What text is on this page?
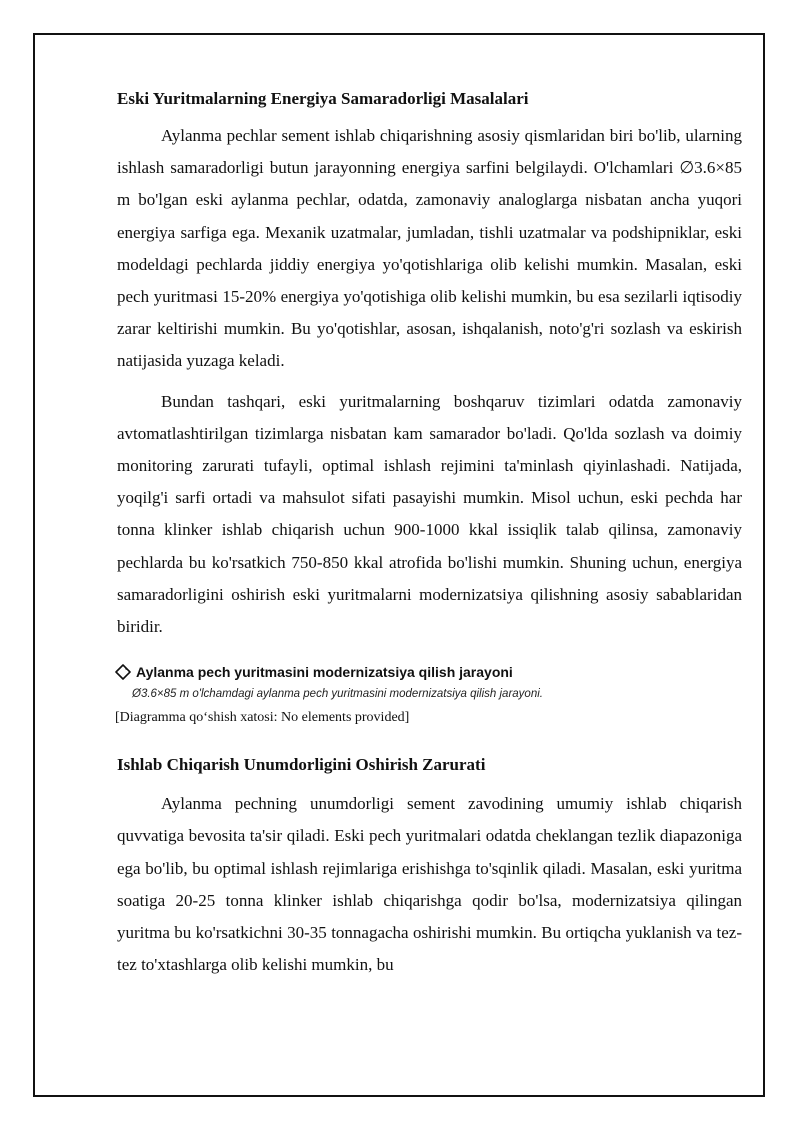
Eski Yuritmalarning Energiya Samaradorligi Masalalari

Aylanma pechlar sement ishlab chiqarishning asosiy qismlaridan biri bo'lib, ularning ishlash samaradorligi butun jarayonning energiya sarfini belgilaydi. O'lchamlari ∅3.6×85 m bo'lgan eski aylanma pechlar, odatda, zamonaviy analoglarga nisbatan ancha yuqori energiya sarfiga ega. Mexanik uzatmalar, jumladan, tishli uzatmalar va podshipniklar, eski modeldagi pechlarda jiddiy energiya yo'qotishlariga olib kelishi mumkin. Masalan, eski pech yuritmasi 15-20% energiya yo'qotishiga olib kelishi mumkin, bu esa sezilarli iqtisodiy zarar keltirishi mumkin. Bu yo'qotishlar, asosan, ishqalanish, noto'g'ri sozlash va eskirish natijasida yuzaga keladi.

Bundan tashqari, eski yuritmalarning boshqaruv tizimlari odatda zamonaviy avtomatlashtirilgan tizimlarga nisbatan kam samarador bo'ladi. Qo'lda sozlash va doimiy monitoring zarurati tufayli, optimal ishlash rejimini ta'minlash qiyinlashadi. Natijada, yoqilg'i sarfi ortadi va mahsulot sifati pasayishi mumkin. Misol uchun, eski pechda har tonna klinker ishlab chiqarish uchun 900-1000 kkal issiqlik talab qilinsa, zamonaviy pechlarda bu ko'rsatkich 750-850 kkal atrofida bo'lishi mumkin. Shuning uchun, energiya samaradorligini oshirish eski yuritmalarni modernizatsiya qilishning asosiy sabablaridan biridir.

Aylanma pech yuritmasini modernizatsiya qilish jarayoni
Ø3.6×85 m o'lchamdagi aylanma pech yuritmasini modernizatsiya qilish jarayoni.
[Diagramma qo‘shish xatosi: No elements provided]
Ishlab Chiqarish Unumdorligini Oshirish Zarurati

Aylanma pechning unumdorligi sement zavodining umumiy ishlab chiqarish quvvatiga bevosita ta'sir qiladi. Eski pech yuritmalari odatda cheklangan tezlik diapazoniga ega bo'lib, bu optimal ishlash rejimlariga erishishga to'sqinlik qiladi. Masalan, eski yuritma soatiga 20-25 tonna klinker ishlab chiqarishga qodir bo'lsa, modernizatsiya qilingan yuritma bu ko'rsatkichni 30-35 tonnagacha oshirishi mumkin. Bu ortiqcha yuklanish va tez-tez to'xtashlarga olib kelishi mumkin, bu
